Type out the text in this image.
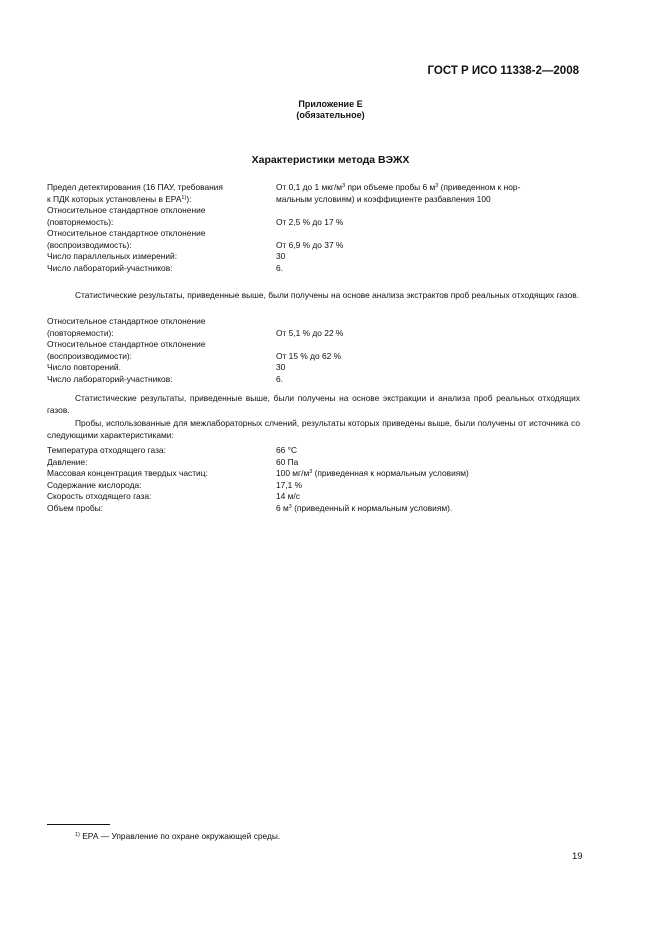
ГОСТ Р ИСО 11338-2—2008
Приложение Е
(обязательное)
Характеристики метода ВЭЖХ
Предел детектирования (16 ПАУ, требования
к ПДК которых установлены в ЕРА$^{1)}$):
От 0,1 до 1 мкг/$м^3$ при объеме пробы 6 $м^3$ (приведенном к нор-
мальным условиям) и коэффициенте разбавления 100
Относительное стандартное отклонение
(повторяемость):
	От 2,5 % до 17 %
Относительное стандартное отклонение
(воспроизводимость):
	От 6,9 % до 37 %
Число параллельных измерений:	30
Число лабораторий-участников:	6.
Статистические результаты, приведенные выше, были получены на основе анализа экстрактов проб реальных отходящих газов.
Относительное стандартное отклонение
(повторяемости):
	От 5,1 % до 22 %
Относительное стандартное отклонение
(воспроизводимости):
	От 15 % до 62 %
Число повторений.	30
Число лабораторий-участников:	6.
Статистические результаты, приведенные выше, были получены на основе экстракции и анализа проб реальных отходящих газов.
Пробы, использованные для межлабораторных слчений, результаты которых приведены выше, были получены от источника со следующими характеристиками:
Температура отходящего газа:	66 °С
Давление:	60 Па
Массовая концентрация твердых частиц:	100 $мг/м^3$ (приведенная к нормальным условиям)
Содержание кислорода:	17,1 %
Скорость отходящего газа:	14 м/с
Объем пробы:	6 $м^3$ (приведенный к нормальным условиям).
$^{1)}$ ЕРА — Управление по охране окружающей среды.
19
